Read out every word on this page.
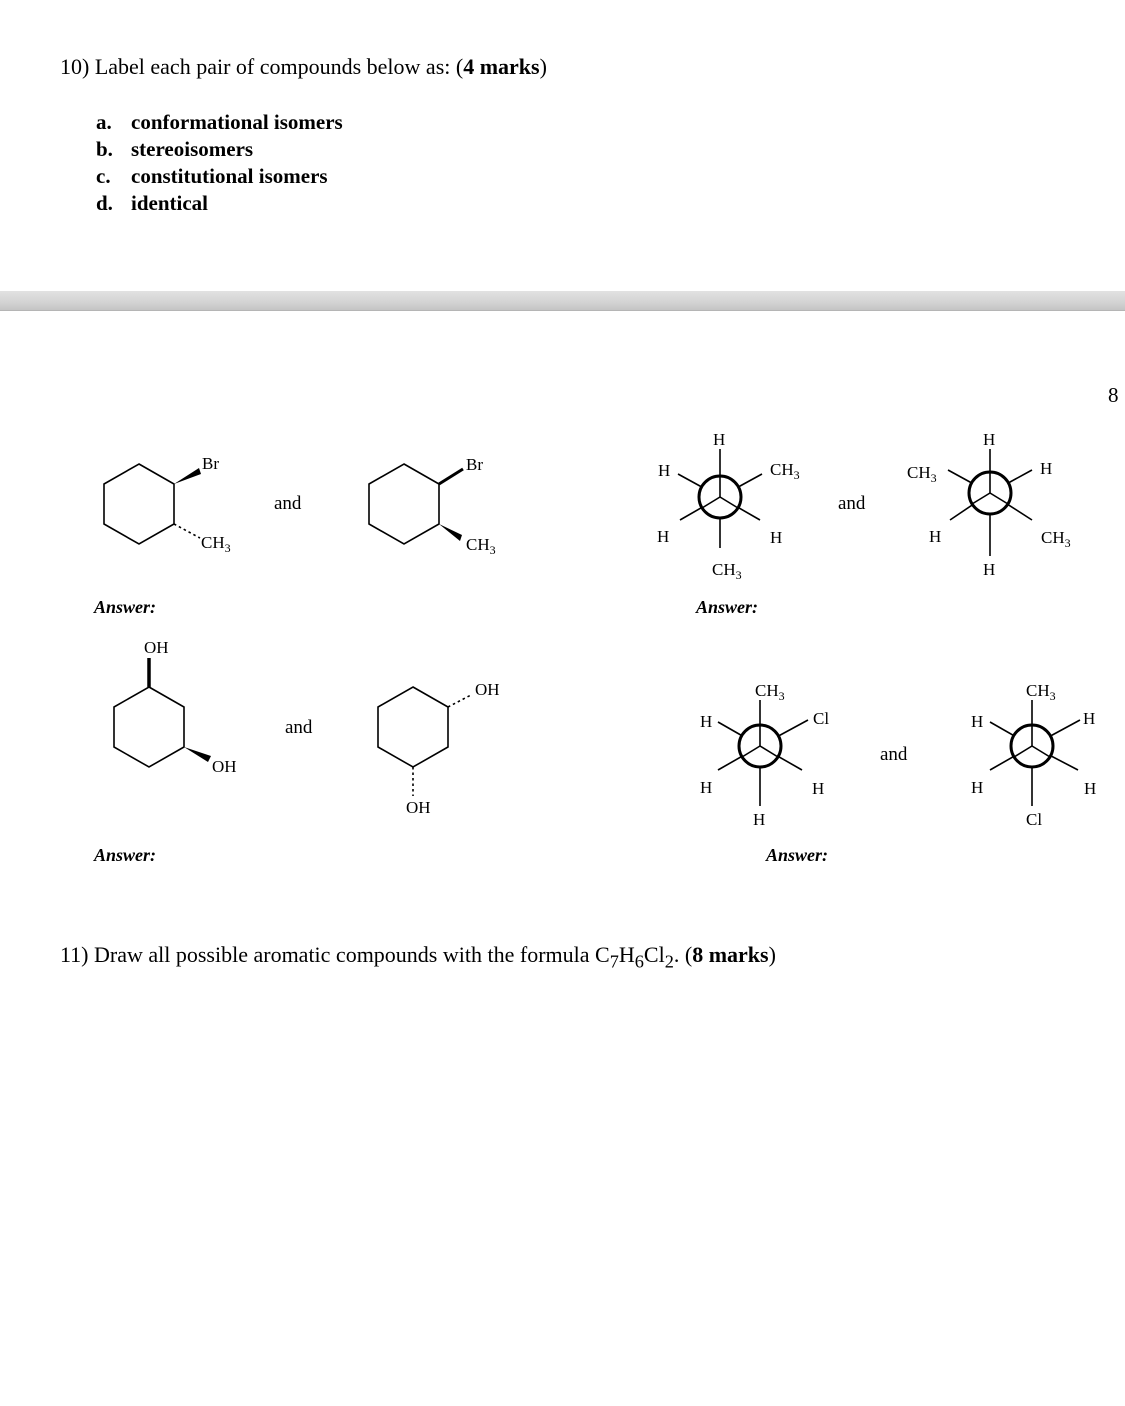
10) Label each pair of compounds below as: (4 marks)
a. conformational isomers
b. stereoisomers
c. constitutional isomers
d. identical
8
and	and
and
and
Answer:	Answer:
Answer:	Answer:
Br
$CH_3$
Br
$CH_3$
OH
OH
OH
OH
H
H	$CH_3$
H	H
$CH_3$
H
$CH_3$	H
H	$CH_3$
H
$CH_3$
H	Cl
H	H
H
$CH_3$
H	H
H	H
Cl
11) Draw all possible aromatic compounds with the formula $C_7H_6Cl_2$. (8 marks)
